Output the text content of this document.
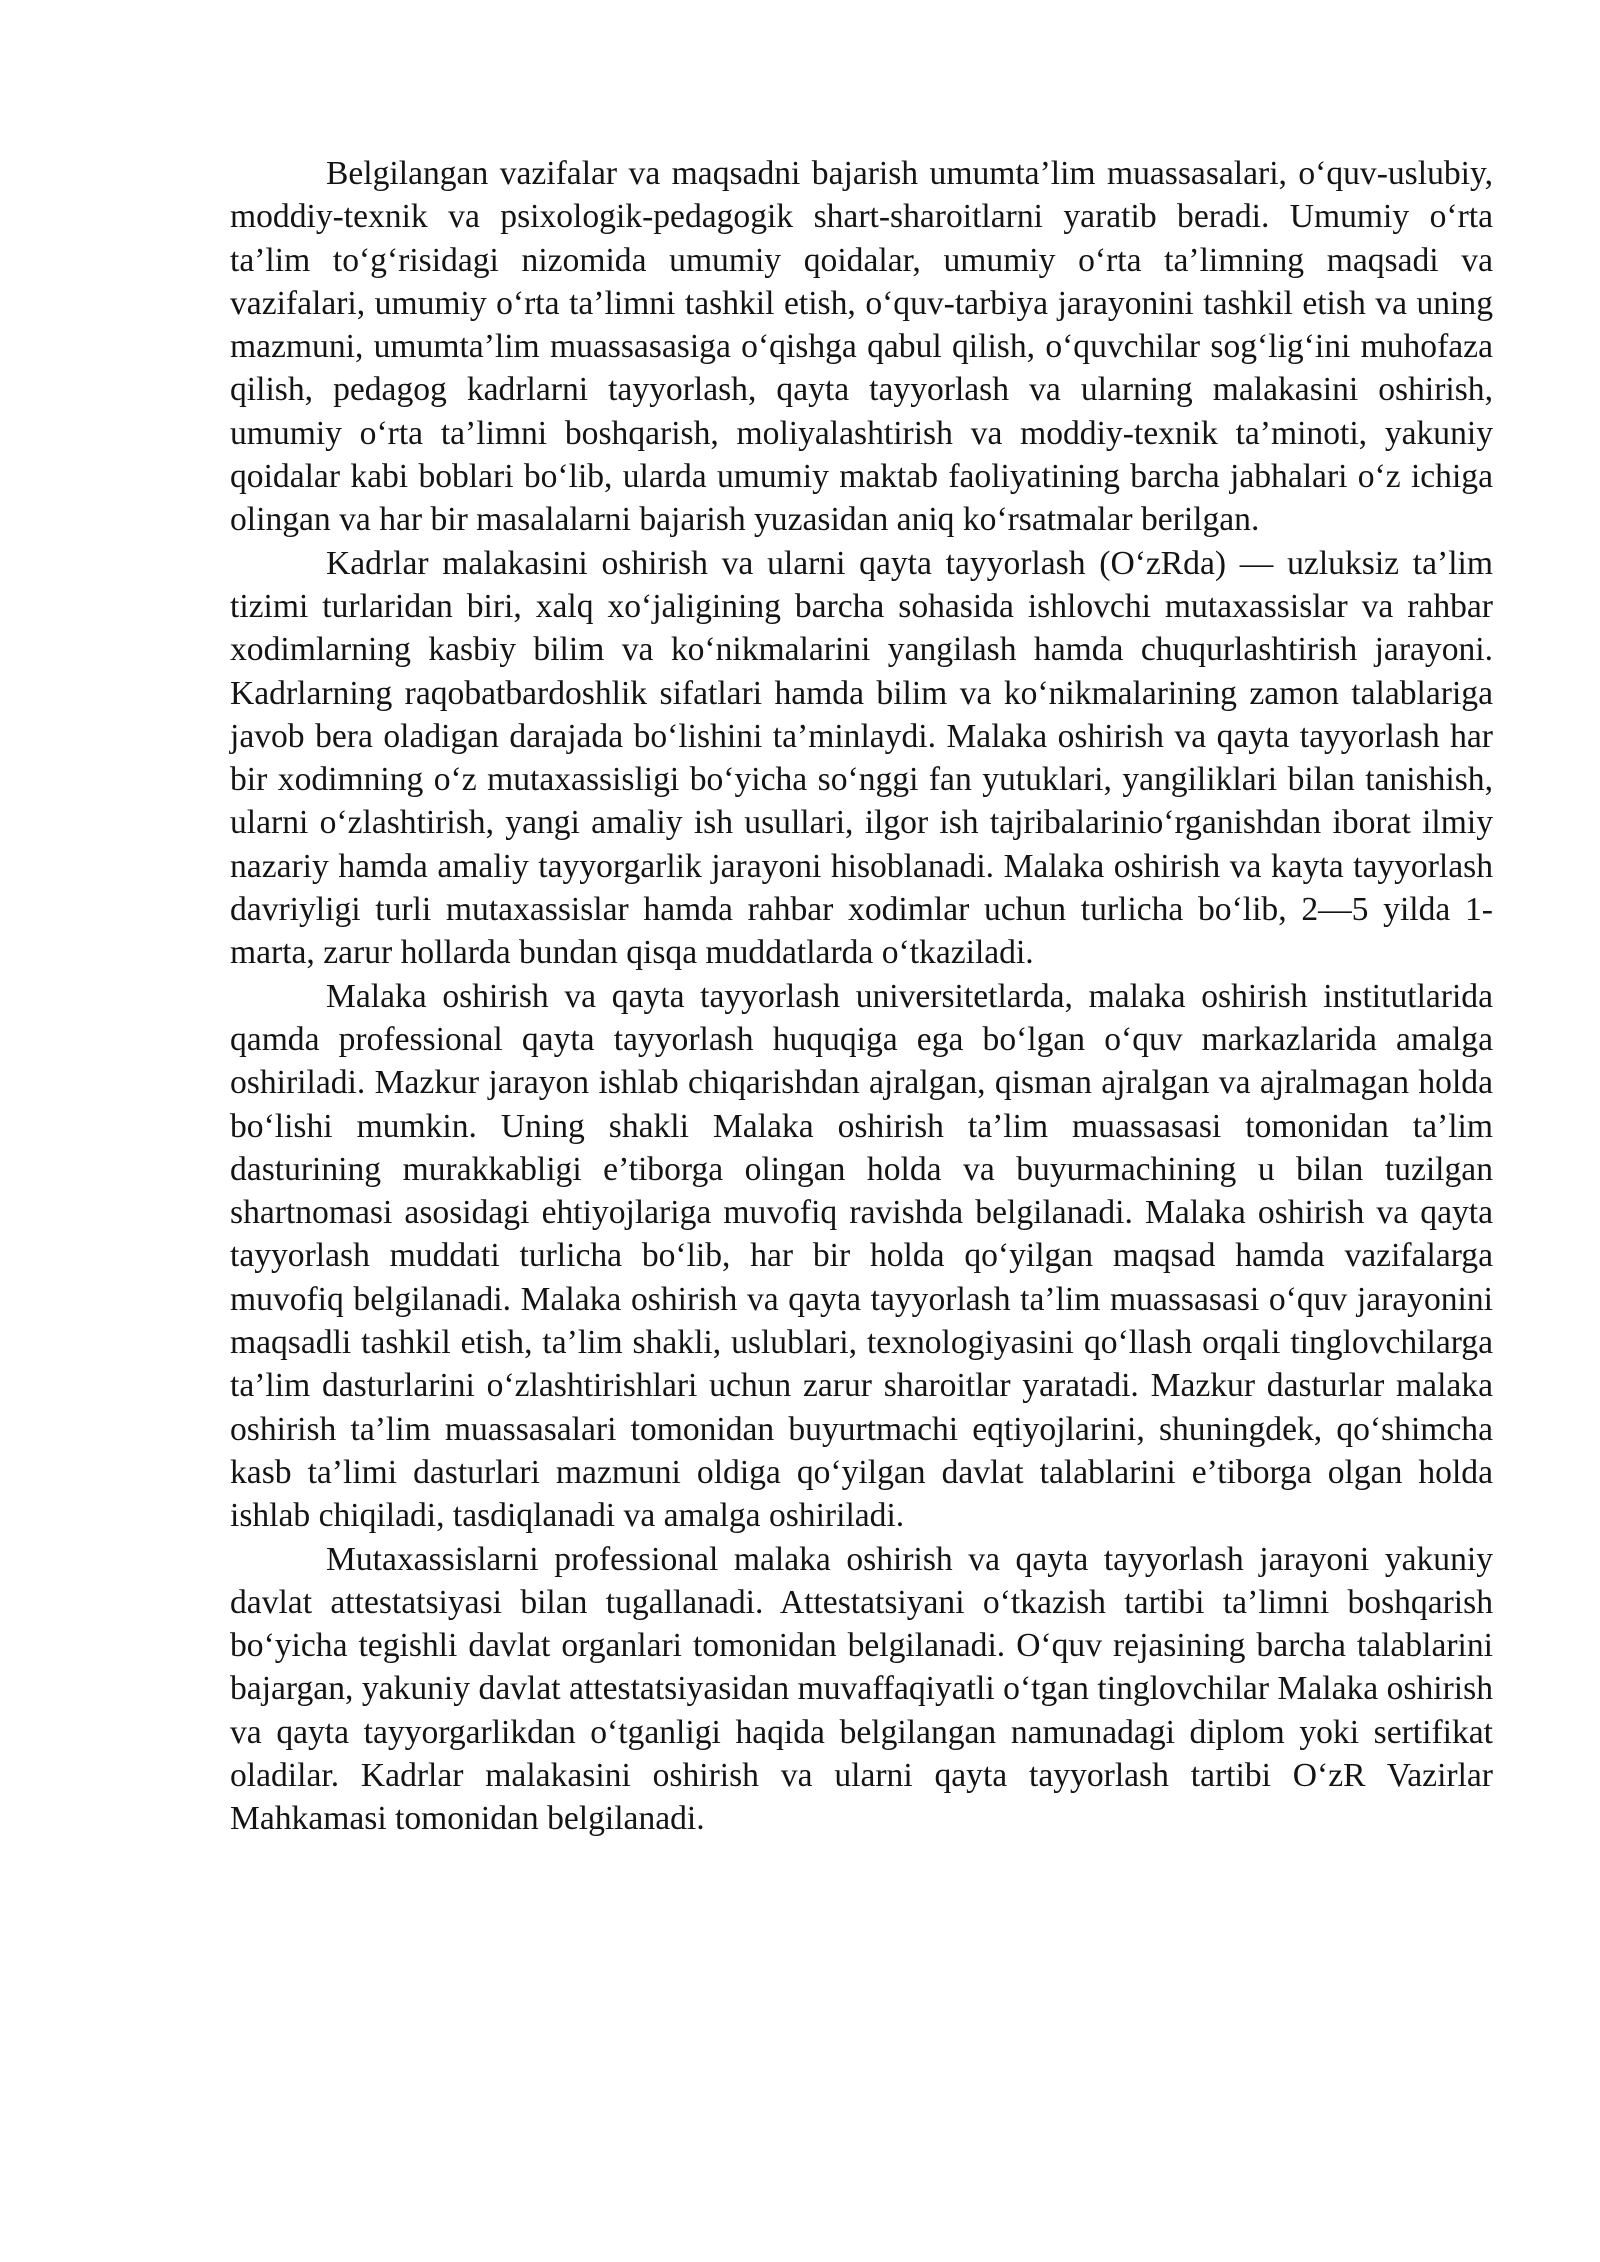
Belgilangan vazifalar va maqsadni bajarish umumta’lim muassasalari, o‘quv-uslubiy, moddiy-texnik va psixologik-pedagogik shart-sharoitlarni yaratib beradi. Umumiy o‘rta ta’lim to‘g‘risidagi nizomida umumiy qoidalar, umumiy o‘rta ta’limning maqsadi va vazifalari, umumiy o‘rta ta’limni tashkil etish, o‘quv-tarbiya jarayonini tashkil etish va uning mazmuni, umumta’lim muassasasiga o‘qishga qabul qilish, o‘quvchilar sog‘lig‘ini muhofaza qilish, pedagog kadrlarni tayyorlash, qayta tayyorlash va ularning malakasini oshirish, umumiy o‘rta ta’limni boshqarish, moliyalashtirish va moddiy-texnik ta’minoti, yakuniy qoidalar kabi boblari bo‘lib, ularda umumiy maktab faoliyatining barcha jabhalari o‘z ichiga olingan va har bir masalalarni bajarish yuzasidan aniq ko‘rsatmalar berilgan.

Kadrlar malakasini oshirish va ularni qayta tayyorlash (O‘zRda) — uzluksiz ta’lim tizimi turlaridan biri, xalq xo‘jaligining barcha sohasida ishlovchi mutaxassislar va rahbar xodimlarning kasbiy bilim va ko‘nikmalarini yangilash hamda chuqurlashtirish jarayoni. Kadrlarning raqobatbardoshlik sifatlari hamda bilim va ko‘nikmalarining zamon talablariga javob bera oladigan darajada bo‘lishini ta’minlaydi. Malaka oshirish va qayta tayyorlash har bir xodimning o‘z mutaxassisligi bo‘yicha so‘nggi fan yutuklari, yangiliklari bilan tanishish, ularni o‘zlashtirish, yangi amaliy ish usullari, ilgor ish tajribalarinio‘rganishdan iborat ilmiy nazariy hamda amaliy tayyorgarlik jarayoni hisoblanadi. Malaka oshirish va kayta tayyorlash davriyligi turli mutaxassislar hamda rahbar xodimlar uchun turlicha bo‘lib, 2—5 yilda 1-marta, zarur hollarda bundan qisqa muddatlarda o‘tkaziladi.

Malaka oshirish va qayta tayyorlash universitetlarda, malaka oshirish institutlarida qamda professional qayta tayyorlash huquqiga ega bo‘lgan o‘quv markazlarida amalga oshiriladi. Mazkur jarayon ishlab chiqarishdan ajralgan, qisman ajralgan va ajralmagan holda bo‘lishi mumkin. Uning shakli Malaka oshirish ta’lim muassasasi tomonidan ta’lim dasturining murakkabligi e’tiborga olingan holda va buyurmachining u bilan tuzilgan shartnomasi asosidagi ehtiyojlariga muvofiq ravishda belgilanadi. Malaka oshirish va qayta tayyorlash muddati turlicha bo‘lib, har bir holda qo‘yilgan maqsad hamda vazifalarga muvofiq belgilanadi. Malaka oshirish va qayta tayyorlash ta’lim muassasasi o‘quv jarayonini maqsadli tashkil etish, ta’lim shakli, uslublari, texnologiyasini qo‘llash orqali tinglovchilarga ta’lim dasturlarini o‘zlashtirishlari uchun zarur sharoitlar yaratadi. Mazkur dasturlar malaka oshirish ta’lim muassasalari tomonidan buyurtmachi eqtiyojlarini, shuningdek, qo‘shimcha kasb ta’limi dasturlari mazmuni oldiga qo‘yilgan davlat talablarini e’tiborga olgan holda ishlab chiqiladi, tasdiqlanadi va amalga oshiriladi.

Mutaxassislarni professional malaka oshirish va qayta tayyorlash jarayoni yakuniy davlat attestatsiyasi bilan tugallanadi. Attestatsiyani o‘tkazish tartibi ta’limni boshqarish bo‘yicha tegishli davlat organlari tomonidan belgilanadi. O‘quv rejasining barcha talablarini bajargan, yakuniy davlat attestatsiyasidan muvaffaqiyatli o‘tgan tinglovchilar Malaka oshirish va qayta tayyorgarlikdan o‘tganligi haqida belgilangan namunadagi diplom yoki sertifikat oladilar. Kadrlar malakasini oshirish va ularni qayta tayyorlash tartibi O‘zR Vazirlar Mahkamasi tomonidan belgilanadi.
